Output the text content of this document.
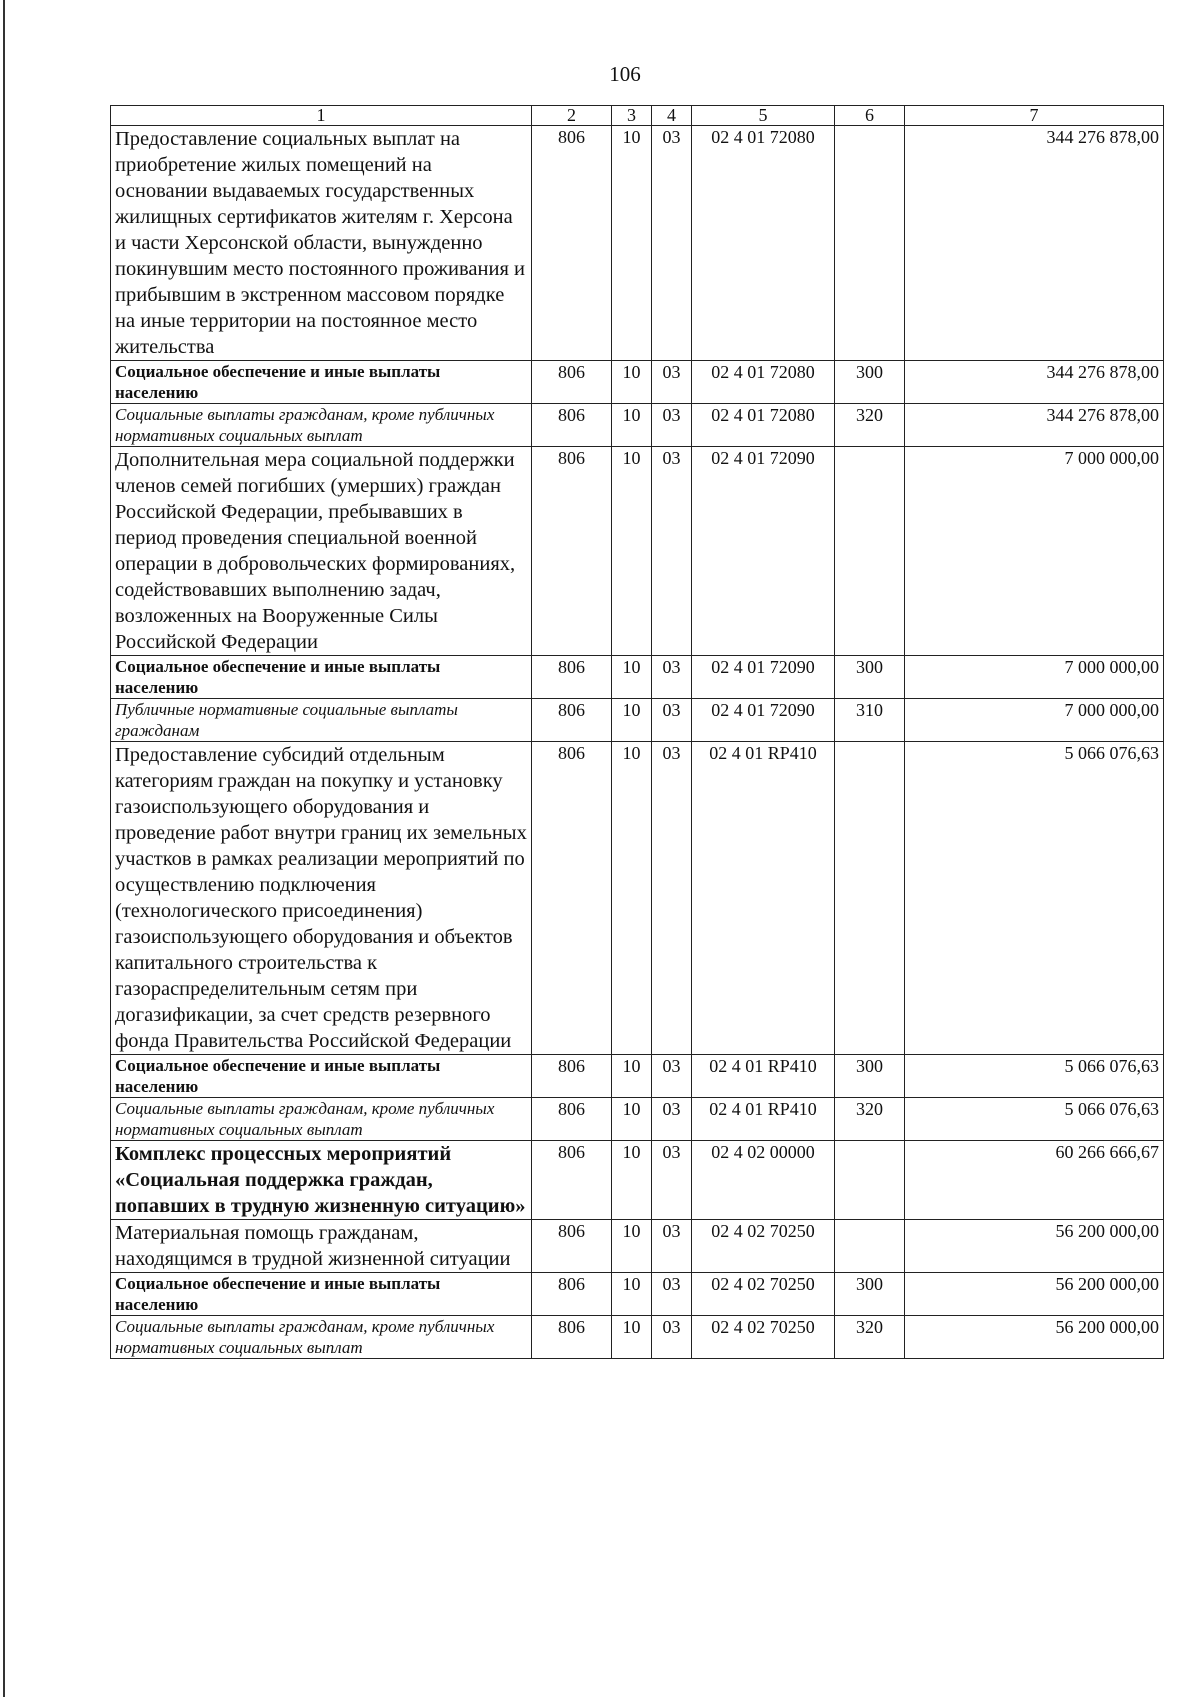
106
1	2	3	4	5	6	7
Предоставление социальных выплат на приобретение жилых помещений на основании выдаваемых государственных жилищных сертификатов жителям г. Херсона и части Херсонской области, вынужденно покинувшим место постоянного проживания и прибывшим в экстренном массовом порядке на иные территории на постоянное место жительства	806	10	03	02 4 01 72080		344 276 878,00
Социальное обеспечение и иные выплаты населению	806	10	03	02 4 01 72080	300	344 276 878,00
Социальные выплаты гражданам, кроме публичных нормативных социальных выплат	806	10	03	02 4 01 72080	320	344 276 878,00
Дополнительная мера социальной поддержки членов семей погибших (умерших) граждан Российской Федерации, пребывавших в период проведения специальной военной операции в добровольческих формированиях, содействовавших выполнению задач, возложенных на Вооруженные Силы Российской Федерации	806	10	03	02 4 01 72090		7 000 000,00
Социальное обеспечение и иные выплаты населению	806	10	03	02 4 01 72090	300	7 000 000,00
Публичные нормативные социальные выплаты гражданам	806	10	03	02 4 01 72090	310	7 000 000,00
Предоставление субсидий отдельным категориям граждан на покупку и установку газоиспользующего оборудования и проведение работ внутри границ их земельных участков в рамках реализации мероприятий по осуществлению подключения (технологического присоединения) газоиспользующего оборудования и объектов капитального строительства к газораспределительным сетям при догазификации, за счет средств резервного фонда Правительства Российской Федерации	806	10	03	02 4 01 RP410		5 066 076,63
Социальное обеспечение и иные выплаты населению	806	10	03	02 4 01 RP410	300	5 066 076,63
Социальные выплаты гражданам, кроме публичных нормативных социальных выплат	806	10	03	02 4 01 RP410	320	5 066 076,63
Комплекс процессных мероприятий «Социальная поддержка граждан, попавших в трудную жизненную ситуацию»	806	10	03	02 4 02 00000		60 266 666,67
Материальная помощь гражданам, находящимся в трудной жизненной ситуации	806	10	03	02 4 02 70250		56 200 000,00
Социальное обеспечение и иные выплаты населению	806	10	03	02 4 02 70250	300	56 200 000,00
Социальные выплаты гражданам, кроме публичных нормативных социальных выплат	806	10	03	02 4 02 70250	320	56 200 000,00
